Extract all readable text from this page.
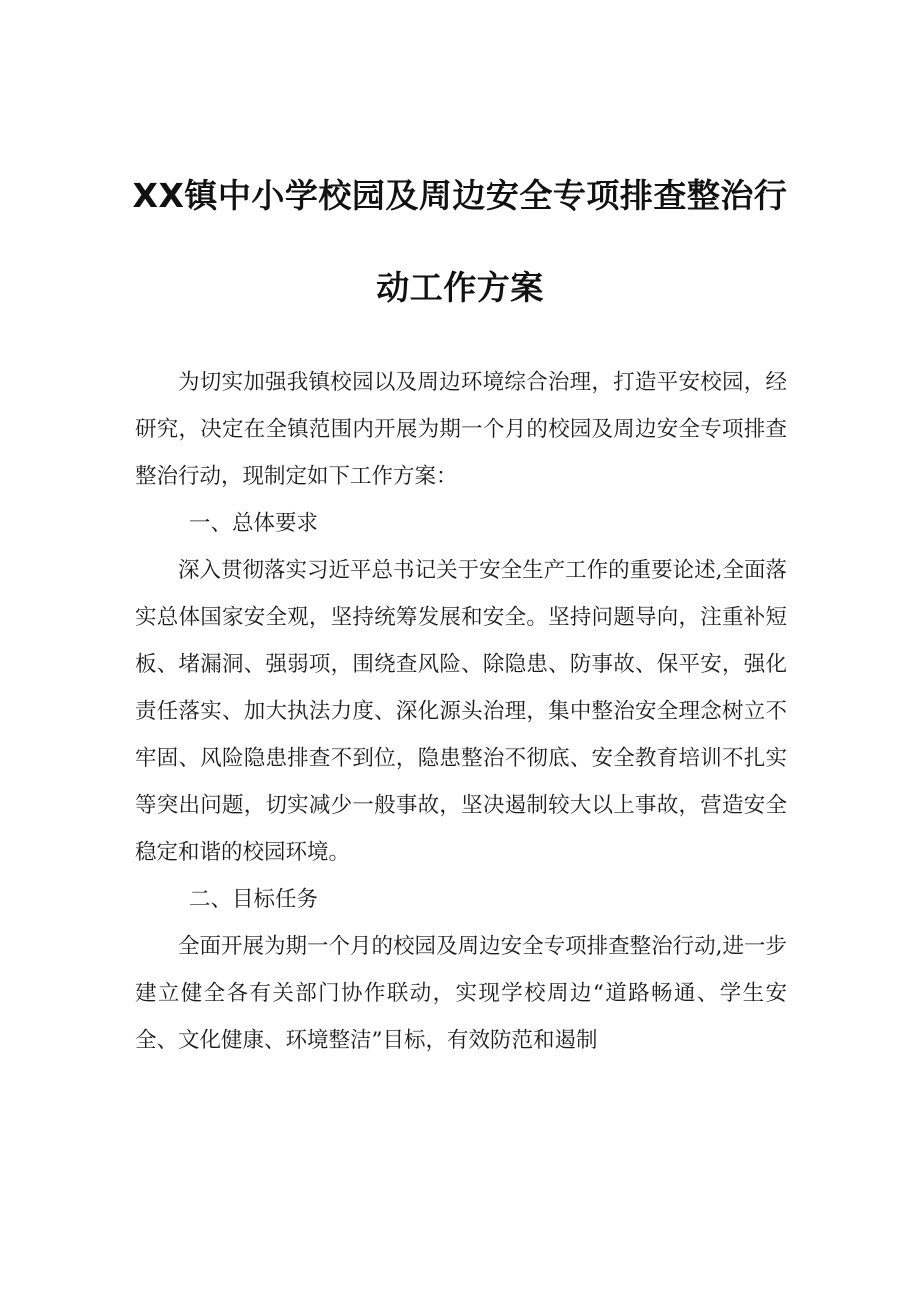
XX镇中小学校园及周边安全专项排查整治行
动工作方案

为切实加强我镇校园以及周边环境综合治理，打造平安校园，经研究，决定在全镇范围内开展为期一个月的校园及周边安全专项排查整治行动，现制定如下工作方案：

一、总体要求

深入贯彻落实习近平总书记关于安全生产工作的重要论述,全面落实总体国家安全观，坚持统筹发展和安全。坚持问题导向，注重补短板、堵漏洞、强弱项，围绕查风险、除隐患、防事故、保平安，强化责任落实、加大执法力度、深化源头治理，集中整治安全理念树立不牢固、风险隐患排查不到位，隐患整治不彻底、安全教育培训不扎实等突出问题，切实减少一般事故，坚决遏制较大以上事故，营造安全稳定和谐的校园环境。

二、目标任务

全面开展为期一个月的校园及周边安全专项排查整治行动,进一步建立健全各有关部门协作联动，实现学校周边“道路畅通、学生安全、文化健康、环境整洁”目标，有效防范和遏制
